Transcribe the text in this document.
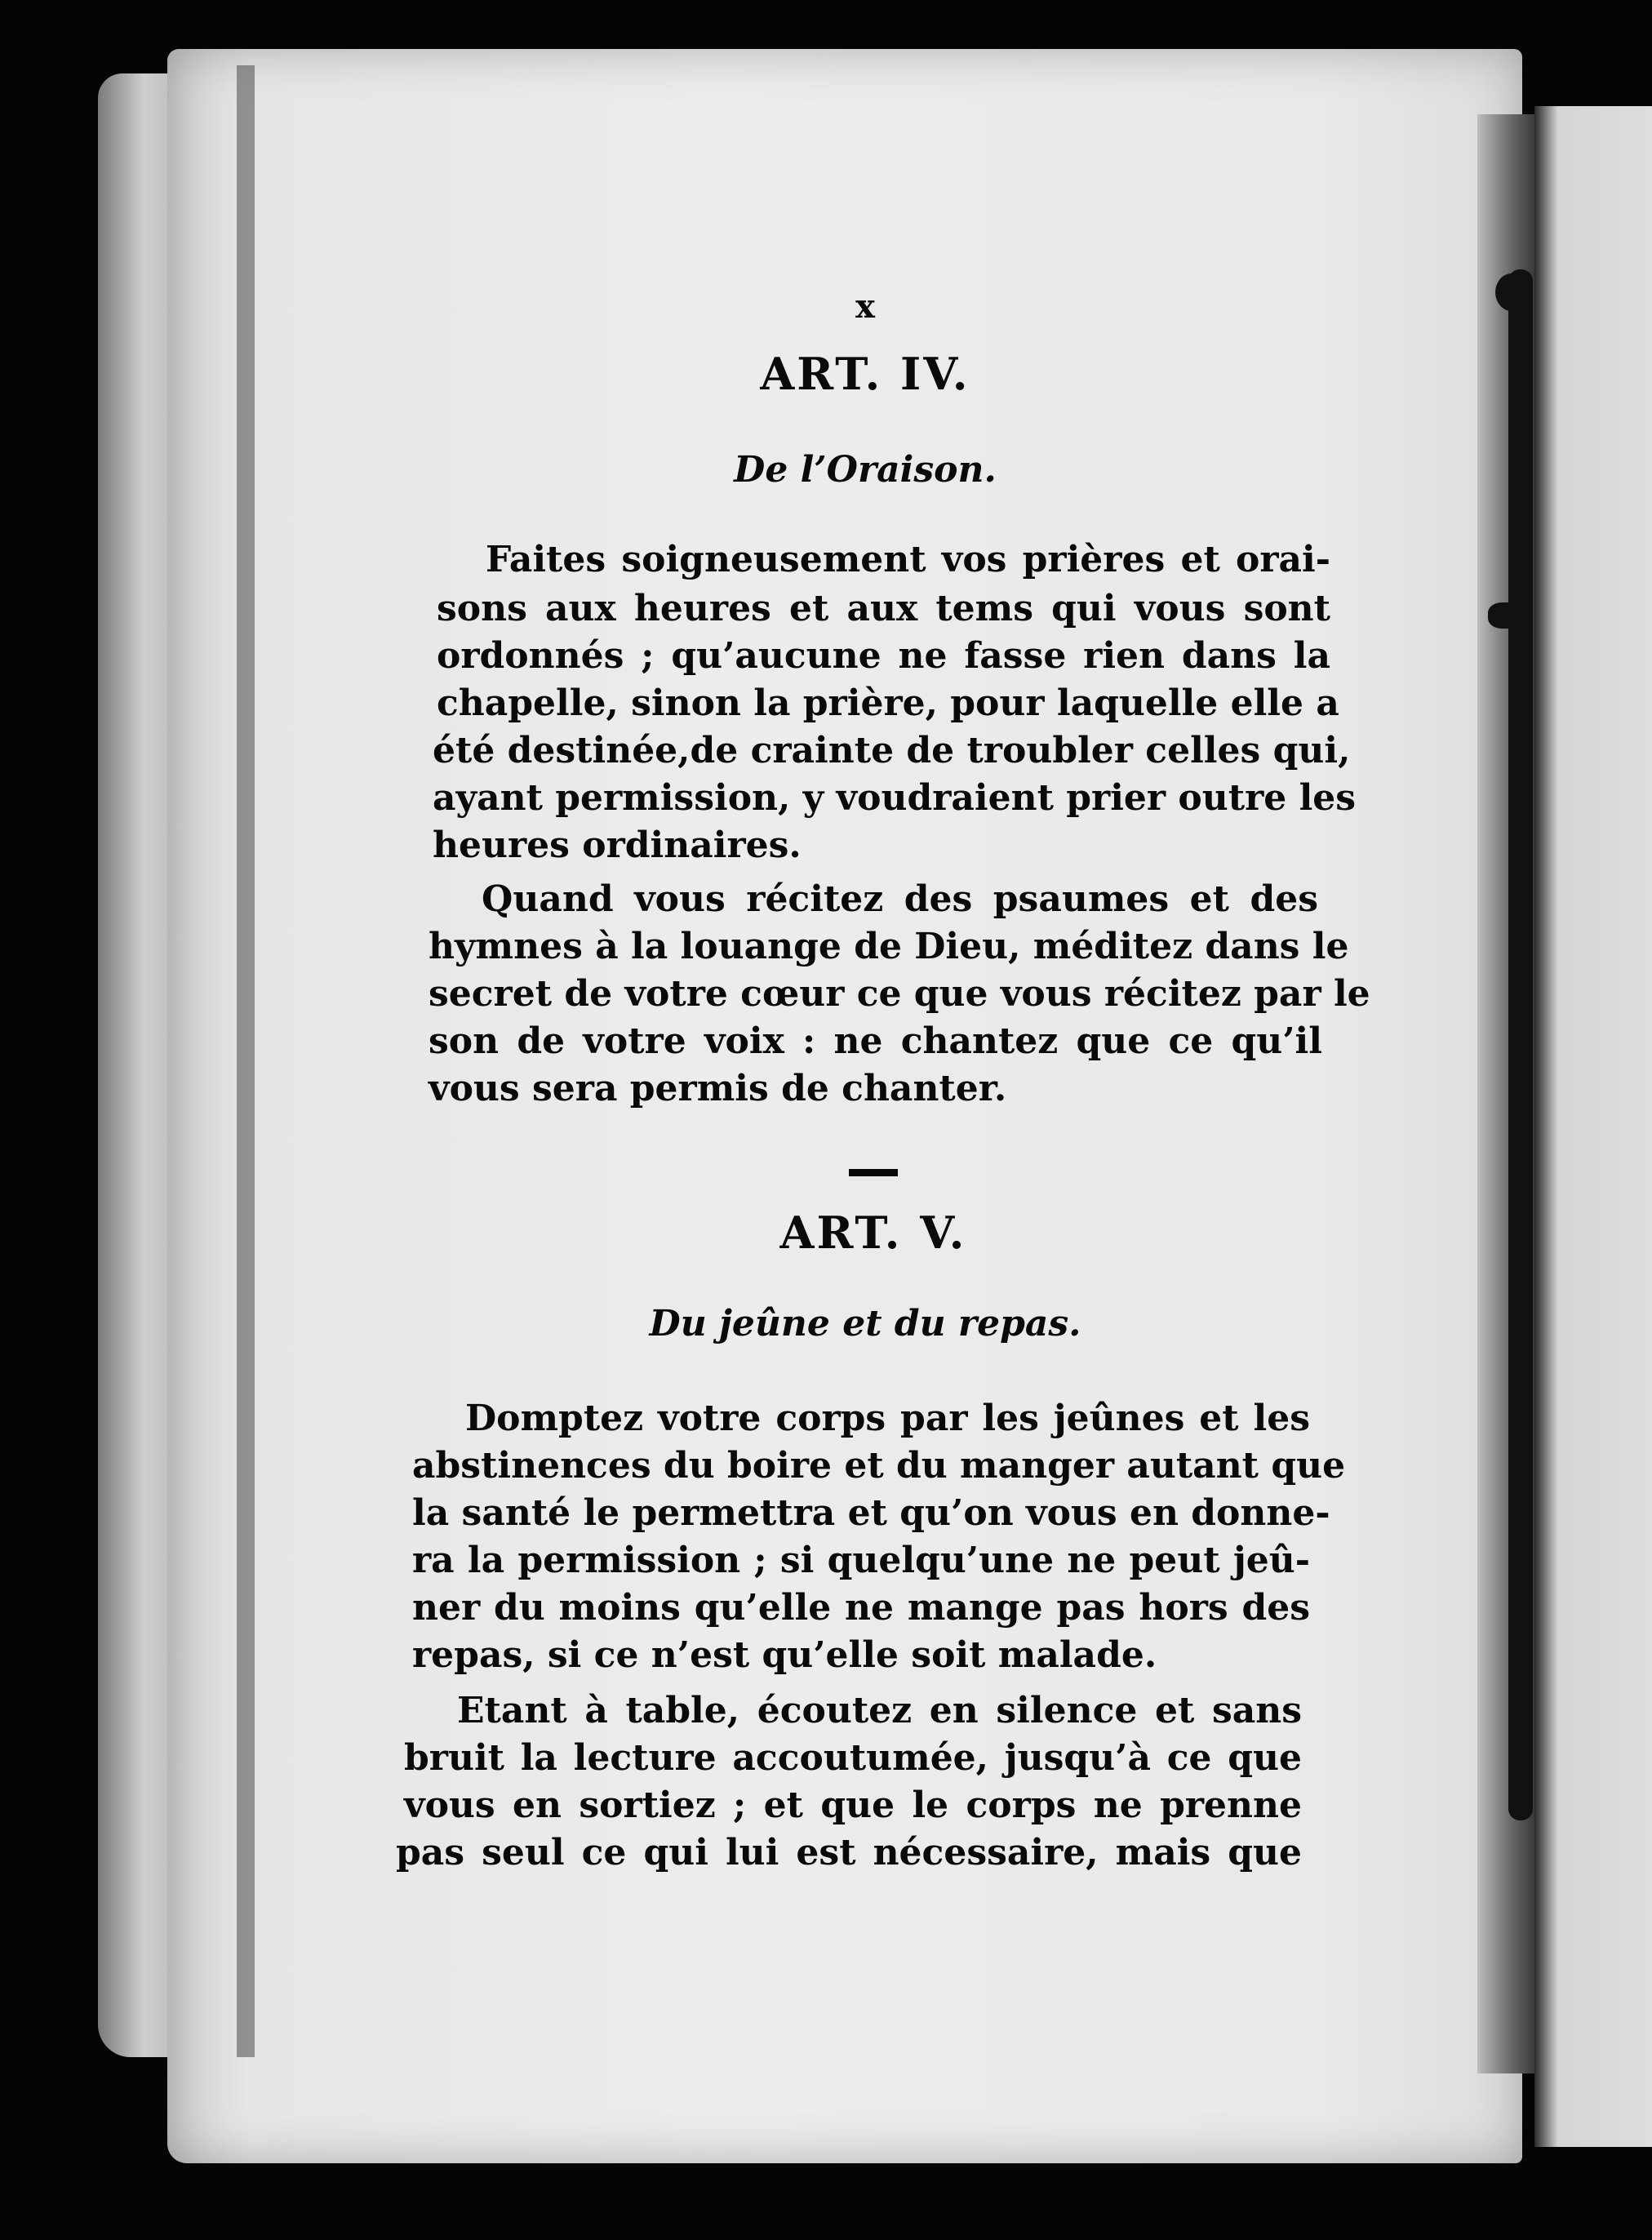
x
ART. IV.
De l’Oraison.
Faites soigneusement vos prières et orai-
sons aux heures et aux tems qui vous sont
ordonnés ; qu’aucune ne fasse rien dans la
chapelle, sinon la prière, pour laquelle elle a
été destinée,de crainte de troubler celles qui,
ayant permission, y voudraient prier outre les
heures ordinaires.
Quand vous récitez des psaumes et des
hymnes à la louange de Dieu, méditez dans le
secret de votre cœur ce que vous récitez par le
son de votre voix : ne chantez que ce qu’il
vous sera permis de chanter.
ART. V.
Du jeûne et du repas.
Domptez votre corps par les jeûnes et les
abstinences du boire et du manger autant que
la santé le permettra et qu’on vous en donne-
ra la permission ; si quelqu’une ne peut jeû-
ner du moins qu’elle ne mange pas hors des
repas, si ce n’est qu’elle soit malade.
Etant à table, écoutez en silence et sans
bruit la lecture accoutumée, jusqu’à ce que
vous en sortiez ; et que le corps ne prenne
pas seul ce qui lui est nécessaire, mais que
